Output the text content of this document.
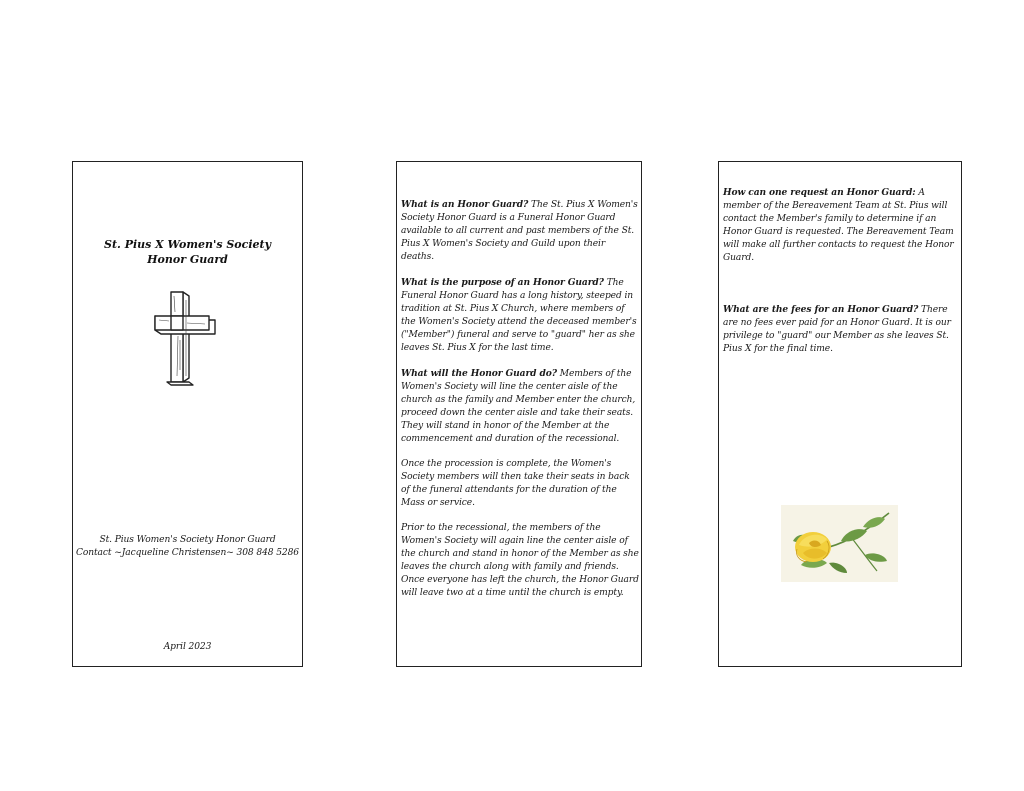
St. Pius X Women's Society
Honor Guard
St. Pius Women's Society Honor Guard
Contact ~Jacqueline Christensen~ 308 848 5286
April 2023

What is an Honor Guard? The St. Pius X Women's Society Honor Guard is a Funeral Honor Guard available to all current and past members of the St. Pius X Women's Society and Guild upon their deaths.

What is the purpose of an Honor Guard? The Funeral Honor Guard has a long history, steeped in tradition at St. Pius X Church, where members of the Women's Society attend the deceased member's ("Member") funeral and serve to "guard" her as she leaves St. Pius X for the last time.

What will the Honor Guard do? Members of the Women's Society will line the center aisle of the church as the family and Member enter the church, proceed down the center aisle and take their seats. They will stand in honor of the Member at the commencement and duration of the recessional.

Once the procession is complete, the Women's Society members will then take their seats in back of the funeral attendants for the duration of the Mass or service.

Prior to the recessional, the members of the Women's Society will again line the center aisle of the church and stand in honor of the Member as she leaves the church along with family and friends. Once everyone has left the church, the Honor Guard will leave two at a time until the church is empty.

How can one request an Honor Guard: A member of the Bereavement Team at St. Pius will contact the Member's family to determine if an Honor Guard is requested. The Bereavement Team will make all further contacts to request the Honor Guard.

What are the fees for an Honor Guard? There are no fees ever paid for an Honor Guard. It is our privilege to "guard" our Member as she leaves St. Pius X for the final time.
